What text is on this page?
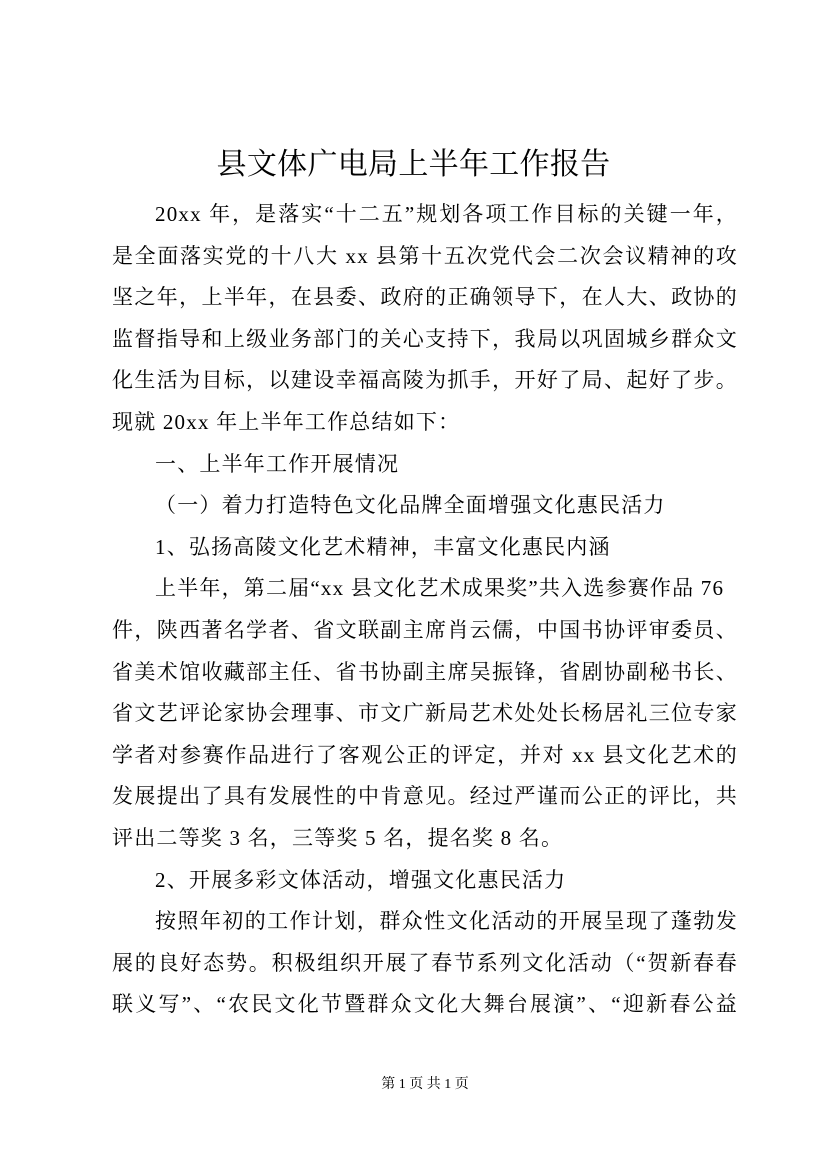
县文体广电局上半年工作报告
20xx 年，是落实“十二五”规划各项工作目标的关键一年，
是全面落实党的十八大 xx 县第十五次党代会二次会议精神的攻
坚之年，上半年，在县委、政府的正确领导下，在人大、政协的
监督指导和上级业务部门的关心支持下，我局以巩固城乡群众文
化生活为目标，以建设幸福高陵为抓手，开好了局、起好了步。
现就 20xx 年上半年工作总结如下：
一、上半年工作开展情况
（一）着力打造特色文化品牌全面增强文化惠民活力
1、弘扬高陵文化艺术精神，丰富文化惠民内涵
上半年，第二届“xx 县文化艺术成果奖”共入选参赛作品 76
件，陕西著名学者、省文联副主席肖云儒，中国书协评审委员、
省美术馆收藏部主任、省书协副主席吴振锋，省剧协副秘书长、
省文艺评论家协会理事、市文广新局艺术处处长杨居礼三位专家
学者对参赛作品进行了客观公正的评定，并对 xx 县文化艺术的
发展提出了具有发展性的中肯意见。经过严谨而公正的评比，共
评出二等奖 3 名，三等奖 5 名，提名奖 8 名。
2、开展多彩文体活动，增强文化惠民活力
按照年初的工作计划，群众性文化活动的开展呈现了蓬勃发
展的良好态势。积极组织开展了春节系列文化活动（“贺新春春
联义写”、“农民文化节暨群众文化大舞台展演”、“迎新春公益
第 1 页 共 1 页
